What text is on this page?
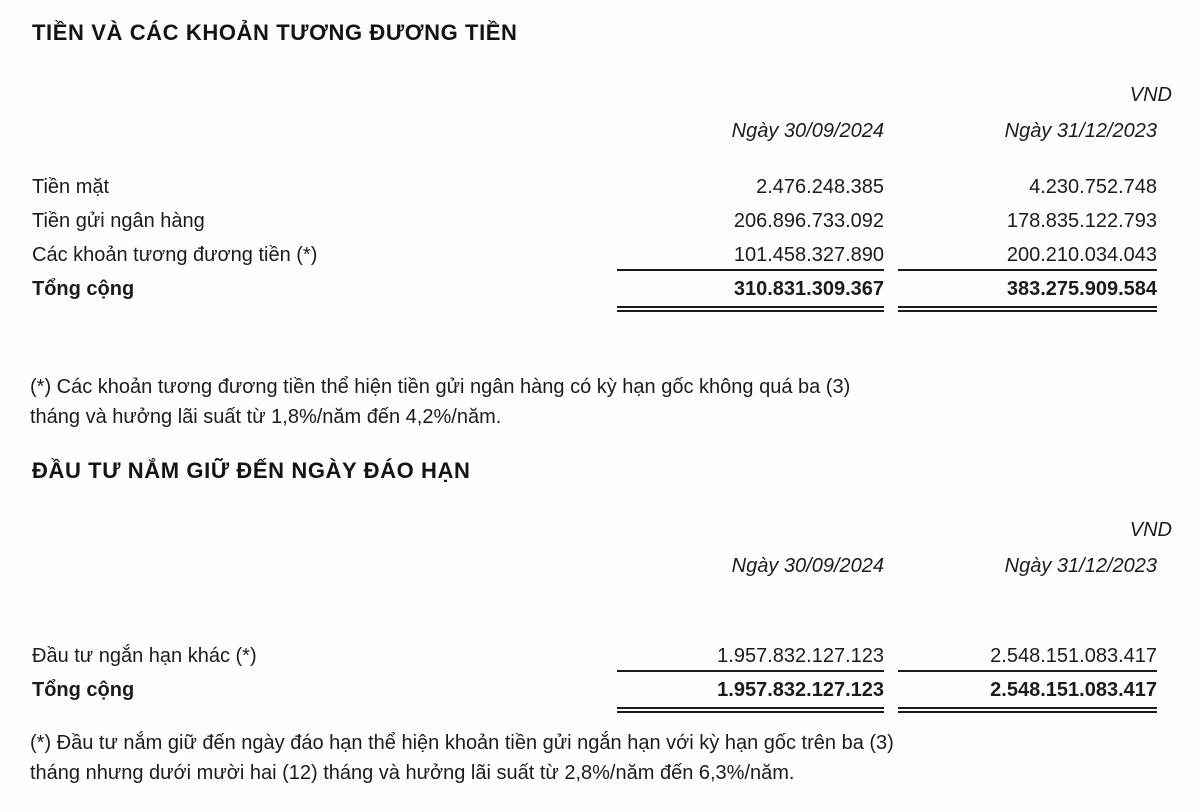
TIỀN VÀ CÁC KHOẢN TƯƠNG ĐƯƠNG TIỀN
VND
Ngày 30/09/2024	Ngày 31/12/2023
Tiền mặt	2.476.248.385	4.230.752.748
Tiền gửi ngân hàng	206.896.733.092	178.835.122.793
Các khoản tương đương tiền (*)	101.458.327.890	200.210.034.043
Tổng cộng	310.831.309.367	383.275.909.584
(*) Các khoản tương đương tiền thể hiện tiền gửi ngân hàng có kỳ hạn gốc không quá ba (3)
tháng và hưởng lãi suất từ 1,8%/năm đến 4,2%/năm.
ĐẦU TƯ NẮM GIỮ ĐẾN NGÀY ĐÁO HẠN
VND
Ngày 30/09/2024	Ngày 31/12/2023
Đầu tư ngắn hạn khác (*)	1.957.832.127.123	2.548.151.083.417
Tổng cộng	1.957.832.127.123	2.548.151.083.417
(*) Đầu tư nắm giữ đến ngày đáo hạn thể hiện khoản tiền gửi ngắn hạn với kỳ hạn gốc trên ba (3)
tháng nhưng dưới mười hai (12) tháng và hưởng lãi suất từ 2,8%/năm đến 6,3%/năm.
